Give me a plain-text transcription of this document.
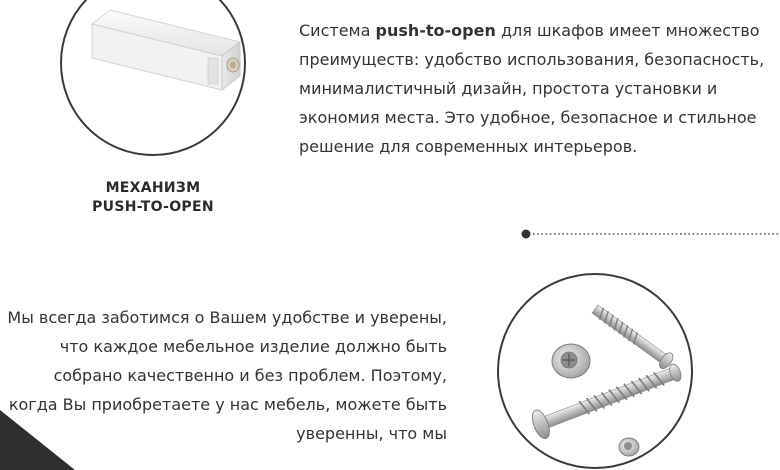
МЕХАНИЗМ
PUSH-TO-OPEN
Система push-to-open для шкафов имеет множество преимуществ: удобство использования, безопасность, минималистичный дизайн, простота установки и экономия места. Это удобное, безопасное и стильное решение для современных интерьеров.
Мы всегда заботимся о Вашем удобстве и уверены, что каждое мебельное изделие должно быть собрано качественно и без проблем. Поэтому, когда Вы приобретаете у нас мебель, можете быть уверенны, что мы
